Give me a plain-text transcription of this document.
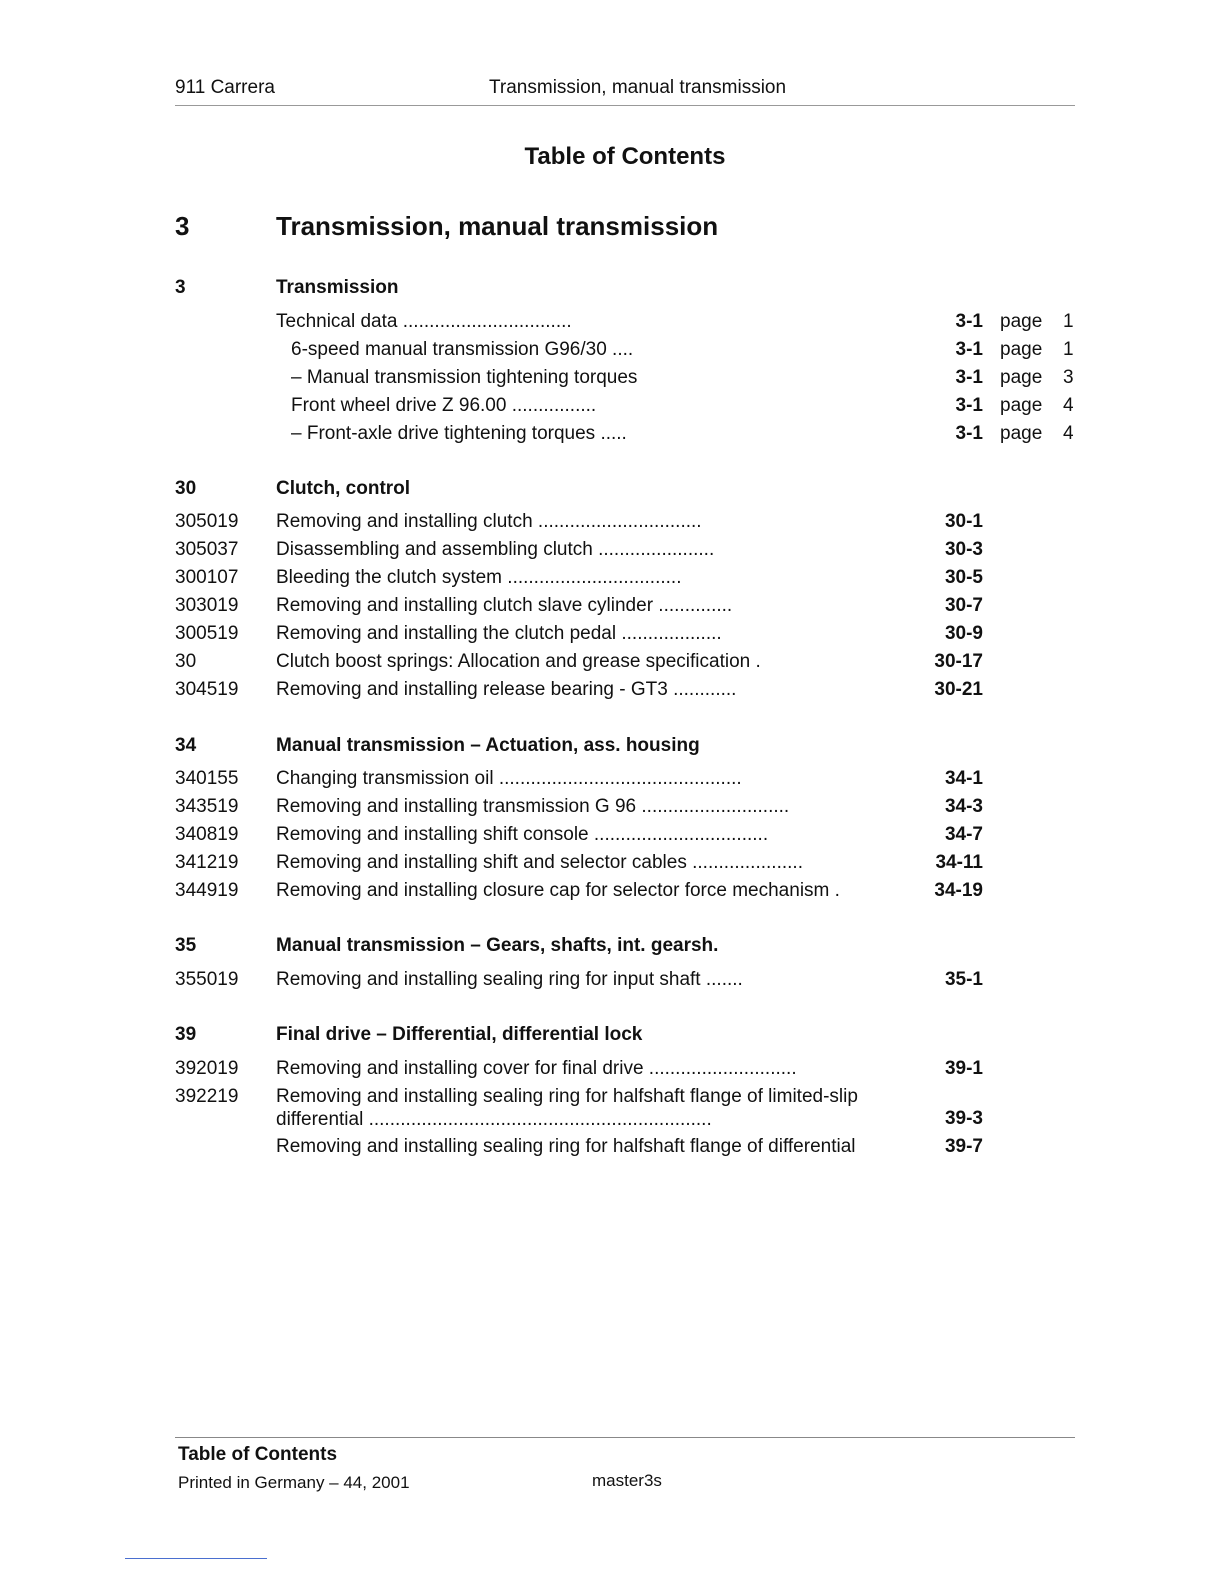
911 Carrera	Transmission, manual transmission
Table of Contents
3	Transmission, manual transmission
3	Transmission
Technical data ................................	3-1 page 1
6-speed manual transmission G96/30 ....	3-1 page 1
– Manual transmission tightening torques	3-1 page 3
Front wheel drive Z 96.00 ................	3-1 page 4
– Front-axle drive tightening torques .....	3-1 page 4
30	Clutch, control
305019 Removing and installing clutch ...............................	30-1
305037 Disassembling and assembling clutch ......................	30-3
300107 Bleeding the clutch system .................................	30-5
303019 Removing and installing clutch slave cylinder ..............	30-7
300519 Removing and installing the clutch pedal ...................	30-9
30	Clutch boost springs: Allocation and grease specification .	30-17
304519 Removing and installing release bearing - GT3 ............	30-21
34	Manual transmission – Actuation, ass. housing
340155 Changing transmission oil ..............................................	34-1
343519 Removing and installing transmission G 96 ............................	34-3
340819 Removing and installing shift console .................................	34-7
341219 Removing and installing shift and selector cables .....................	34-11
344919 Removing and installing closure cap for selector force mechanism .	34-19
35	Manual transmission – Gears, shafts, int. gearsh.
355019 Removing and installing sealing ring for input shaft .......	35-1
39	Final drive – Differential, differential lock
392019 Removing and installing cover for final drive ............................	39-1
392219 Removing and installing sealing ring for halfshaft flange of limited-slip
differential .................................................................	39-3
Removing and installing sealing ring for halfshaft flange of differential	39-7
Table of Contents
Printed in Germany – 44, 2001	master3s
